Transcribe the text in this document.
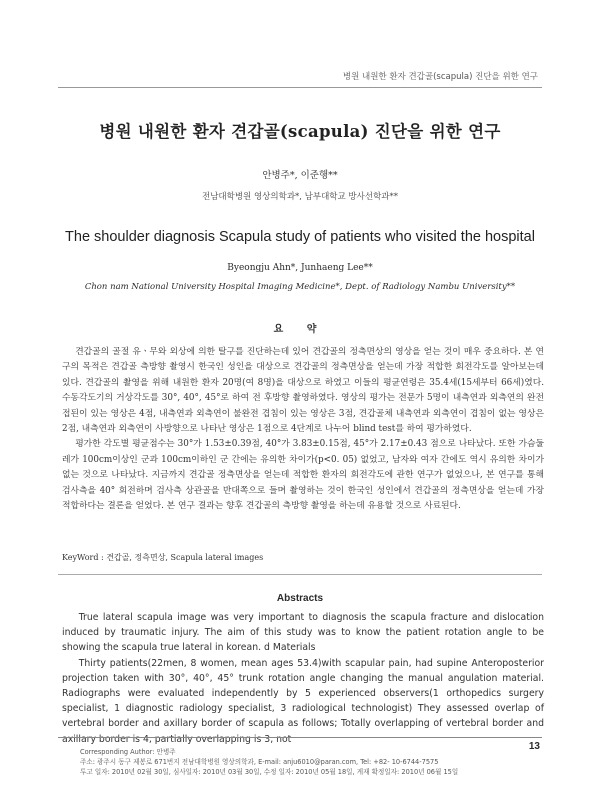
병원 내원한 환자 견갑골(scapula) 진단을 위한 연구
병원 내원한 환자 견갑골(scapula) 진단을 위한 연구
안병주*, 이준행**
전남대학병원 영상의학과*, 남부대학교 방사선학과**
The shoulder diagnosis Scapula study of patients who visited the hospital
Byeongju Ahn*, Junhaeng Lee**
Chon nam National University Hospital Imaging Medicine*, Dept. of Radiology Nambu University**
요 약

견갑골의 골절 유ㆍ무와 외상에 의한 탈구를 진단하는데 있어 견갑골의 정측면상의 영상을 얻는 것이 매우 중요하다. 본 연구의 목적은 견갑골 측방향 촬영시 한국인 성인을 대상으로 견갑골의 정측면상을 얻는데 가장 적합한 회전각도를 알아보는데 있다. 견갑골의 촬영을 위해 내원한 환자 20명(여 8명)을 대상으로 하였고 이들의 평균연령은 35.4세(15세부터 66세)였다. 수동각도기의 거상각도를 30°, 40°, 45°로 하여 전 후방향 촬영하였다. 영상의 평가는 전문가 5명이 내측연과 외측연의 완전접된이 있는 영상은 4점, 내측연과 외측연이 불완전 겹침이 있는 영상은 3점, 견갑골체 내측연과 외측연이 겹침이 없는 영상은 2점, 내측연과 외측연이 사방향으로 나타난 영상은 1점으로 4단계로 나누어 blind test를 하여 평가하였다.

평가한 각도별 평균점수는 30°가 1.53±0.39점, 40°가 3.83±0.15점, 45°가 2.17±0.43 점으로 나타났다. 또한 가슴둘레가 100cm이상인 군과 100cm이하인 군 간에는 유의한 차이가(p<0. 05) 없었고, 남자와 여자 간에도 역시 유의한 차이가 없는 것으로 나타났다. 지금까지 견갑골 정측면상을 얻는데 적합한 환자의 회전각도에 관한 연구가 없었으나, 본 연구를 통해 검사측을 40° 회전하며 검사측 상관골을 반대쪽으로 들며 촬영하는 것이 한국인 성인에서 견갑골의 정측면상을 얻는데 가장 적합하다는 결론을 얻었다. 본 연구 결과는 향후 견갑골의 측방향 촬영을 하는데 유용할 것으로 사료된다.

KeyWord : 견갑골, 정측면상, Scapula lateral images
Abstracts

True lateral scapula image was very important to diagnosis the scapula fracture and dislocation induced by traumatic injury. The aim of this study was to know the patient rotation angle to be showing the scapula true lateral in korean. d Materials

Thirty patients(22men, 8 women, mean ages 53.4)with scapular pain, had supine Anteroposterior projection taken with 30°, 40°, 45° trunk rotation angle changing the manual angulation material. Radiographs were evaluated independently by 5 experienced observers(1 orthopedics surgery specialist, 1 diagnostic radiology specialist, 3 radiological technologist) They assessed overlap of vertebral border and axillary border of scapula as follows; Totally overlapping of vertebral border and axillary border is 4, partially overlapping is 3, not

13
Corresponding Author: 안병주
주소: 광주시 동구 제봉로 671번지 전남대학병원 영상의학과, E-mail: anju6010@paran.com, Tel: +82- 10-6744-7575
투고 일자: 2010년 02월 30일, 심사일자: 2010년 03월 30일, 수정 일자: 2010년 05월 18일, 게재 확정일자: 2010년 06월 15일
